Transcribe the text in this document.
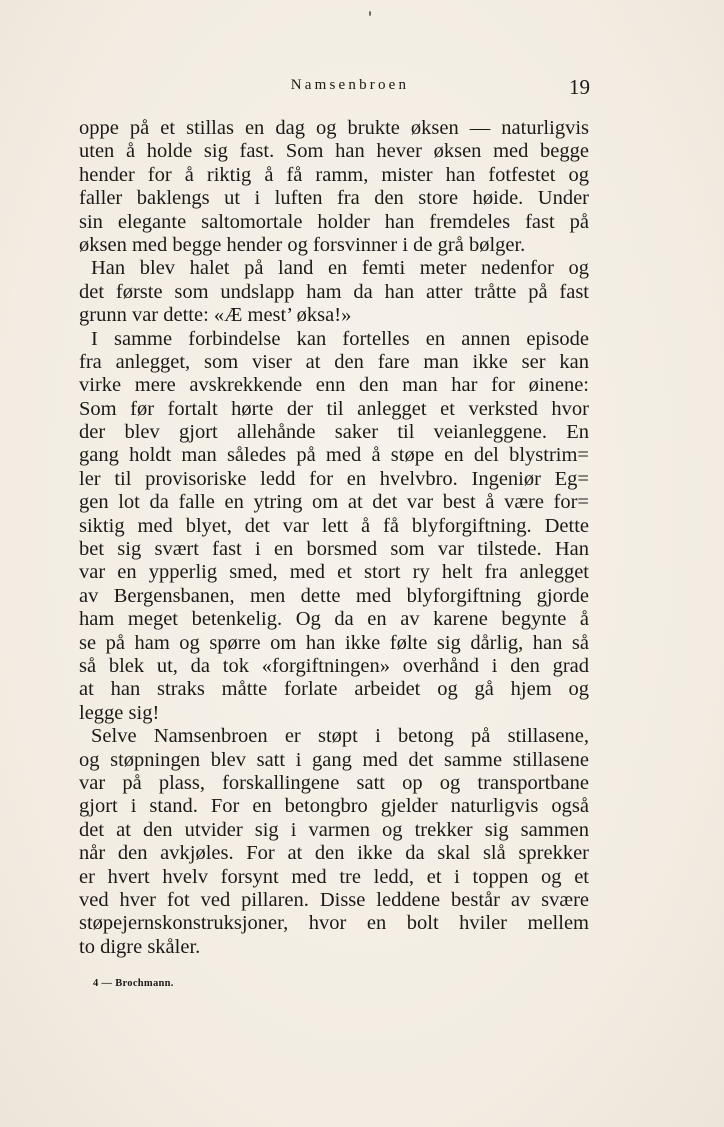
Namsenbroen	19
oppe på et stillas en dag og brukte øksen — naturligvis
uten å holde sig fast. Som han hever øksen med begge
hender for å riktig å få ramm, mister han fotfestet og
faller baklengs ut i luften fra den store høide. Under
sin elegante saltomortale holder han fremdeles fast på
øksen med begge hender og forsvinner i de grå bølger.
Han blev halet på land en femti meter nedenfor og
det første som undslapp ham da han atter tråtte på fast
grunn var dette: «Æ mest’ øksa!»
I samme forbindelse kan fortelles en annen episode
fra anlegget, som viser at den fare man ikke ser kan
virke mere avskrekkende enn den man har for øinene:
Som før fortalt hørte der til anlegget et verksted hvor
der blev gjort allehånde saker til veianleggene. En
gang holdt man således på med å støpe en del blystrim=
ler til provisoriske ledd for en hvelvbro. Ingeniør Eg=
gen lot da falle en ytring om at det var best å være for=
siktig med blyet, det var lett å få blyforgiftning. Dette
bet sig svært fast i en borsmed som var tilstede. Han
var en ypperlig smed, med et stort ry helt fra anlegget
av Bergensbanen, men dette med blyforgiftning gjorde
ham meget betenkelig. Og da en av karene begynte å
se på ham og spørre om han ikke følte sig dårlig, han så
så blek ut, da tok «forgiftningen» overhånd i den grad
at han straks måtte forlate arbeidet og gå hjem og
legge sig!
Selve Namsenbroen er støpt i betong på stillasene,
og støpningen blev satt i gang med det samme stillasene
var på plass, forskallingene satt op og transportbane
gjort i stand. For en betongbro gjelder naturligvis også
det at den utvider sig i varmen og trekker sig sammen
når den avkjøles. For at den ikke da skal slå sprekker
er hvert hvelv forsynt med tre ledd, et i toppen og et
ved hver fot ved pillaren. Disse leddene består av svære
støpejernskonstruksjoner, hvor en bolt hviler mellem
to digre skåler.
4 — Brochmann.
